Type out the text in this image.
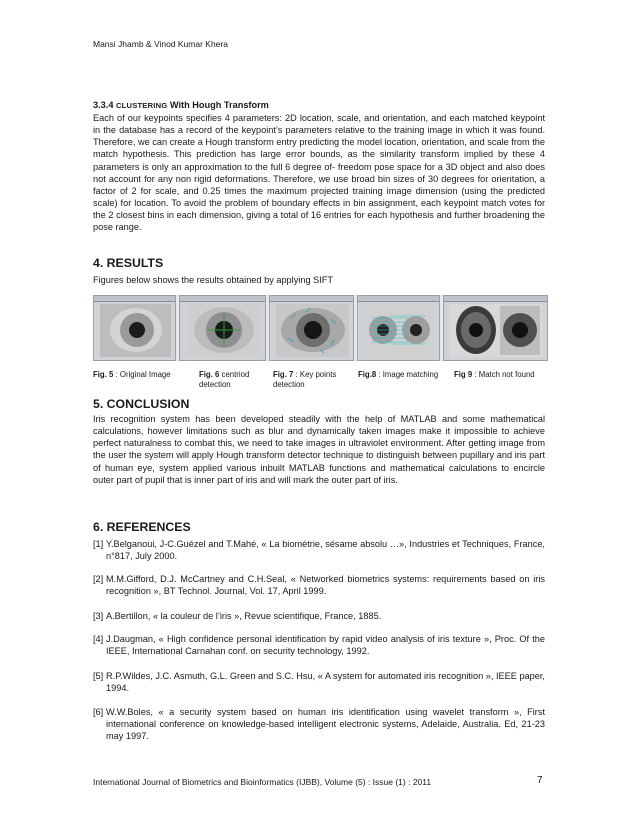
Mansi Jhamb & Vinod Kumar Khera
3.3.4 CLUSTERING With Hough Transform
Each of our keypoints specifies 4 parameters: 2D location, scale, and orientation, and each matched keypoint in the database has a record of the keypoint’s parameters relative to the training image in which it was found. Therefore, we can create a Hough transform entry predicting the model location, orientation, and scale from the match hypothesis. This prediction has large error bounds, as the similarity transform implied by these 4 parameters is only an approximation to the full 6 degree of- freedom pose space for a 3D object and also does not account for any non rigid deformations. Therefore, we use broad bin sizes of 30 degrees for orientation, a factor of 2 for scale, and 0.25 times the maximum projected training image dimension (using the predicted scale) for location. To avoid the problem of boundary effects in bin assignment, each keypoint match votes for the 2 closest bins in each dimension, giving a total of 16 entries for each hypothesis and further broadening the pose range.
4. RESULTS
Figures below shows the results obtained by applying SIFT
Fig. 5 : Original Image	Fig. 6 centriod detection
Fig. 7 : Key points detection
Fig.8 : Image matching	Fig 9 : Match not found
5. CONCLUSION
Iris recognition system has been developed steadily with the help of MATLAB and some mathematical calculations, however limitations such as blur and dynamically taken images make it impossible to achieve perfect naturalness to combat this, we need to take images in ultraviolet environment. After getting image from the user the system will apply Hough transform detector technique to distinguish between pupillary and iris part of human eye, system applied various inbuilt MATLAB functions and mathematical calculations to encircle outer part of pupil that is inner part of iris and will mark the outer part of iris.
6. REFERENCES
[1] Y.Belganoui, J-C.Guézel and T.Mahé, « La biométrie, sésame absolu …», Industries et Techniques, France, n°817, July 2000.
[2] M.M.Gifford, D.J. McCartney and C.H.Seal, « Networked biometrics systems: requirements based on iris recognition », BT Technol. Journal, Vol. 17, April 1999.
[3] A.Bertillon, « la couleur de l’iris », Revue scientifique, France, 1885.
[4] J.Daugman, « High confidence personal identification by rapid video analysis of iris texture », Proc. Of the IEEE, International Carnahan conf. on security technology, 1992.
[5] R.P.Wildes, J.C. Asmuth, G.L. Green and S.C. Hsu, « A system for automated iris recognition », IEEE paper, 1994.
[6] W.W.Boles, « a security system based on human iris identification using wavelet transform », First international conference on knowledge-based intelligent electronic systems, Adelaide, Australia. Ed, 21-23 may 1997.
International Journal of Biometrics and Bioinformatics (IJBB), Volume (5) : Issue (1) : 2011	7
